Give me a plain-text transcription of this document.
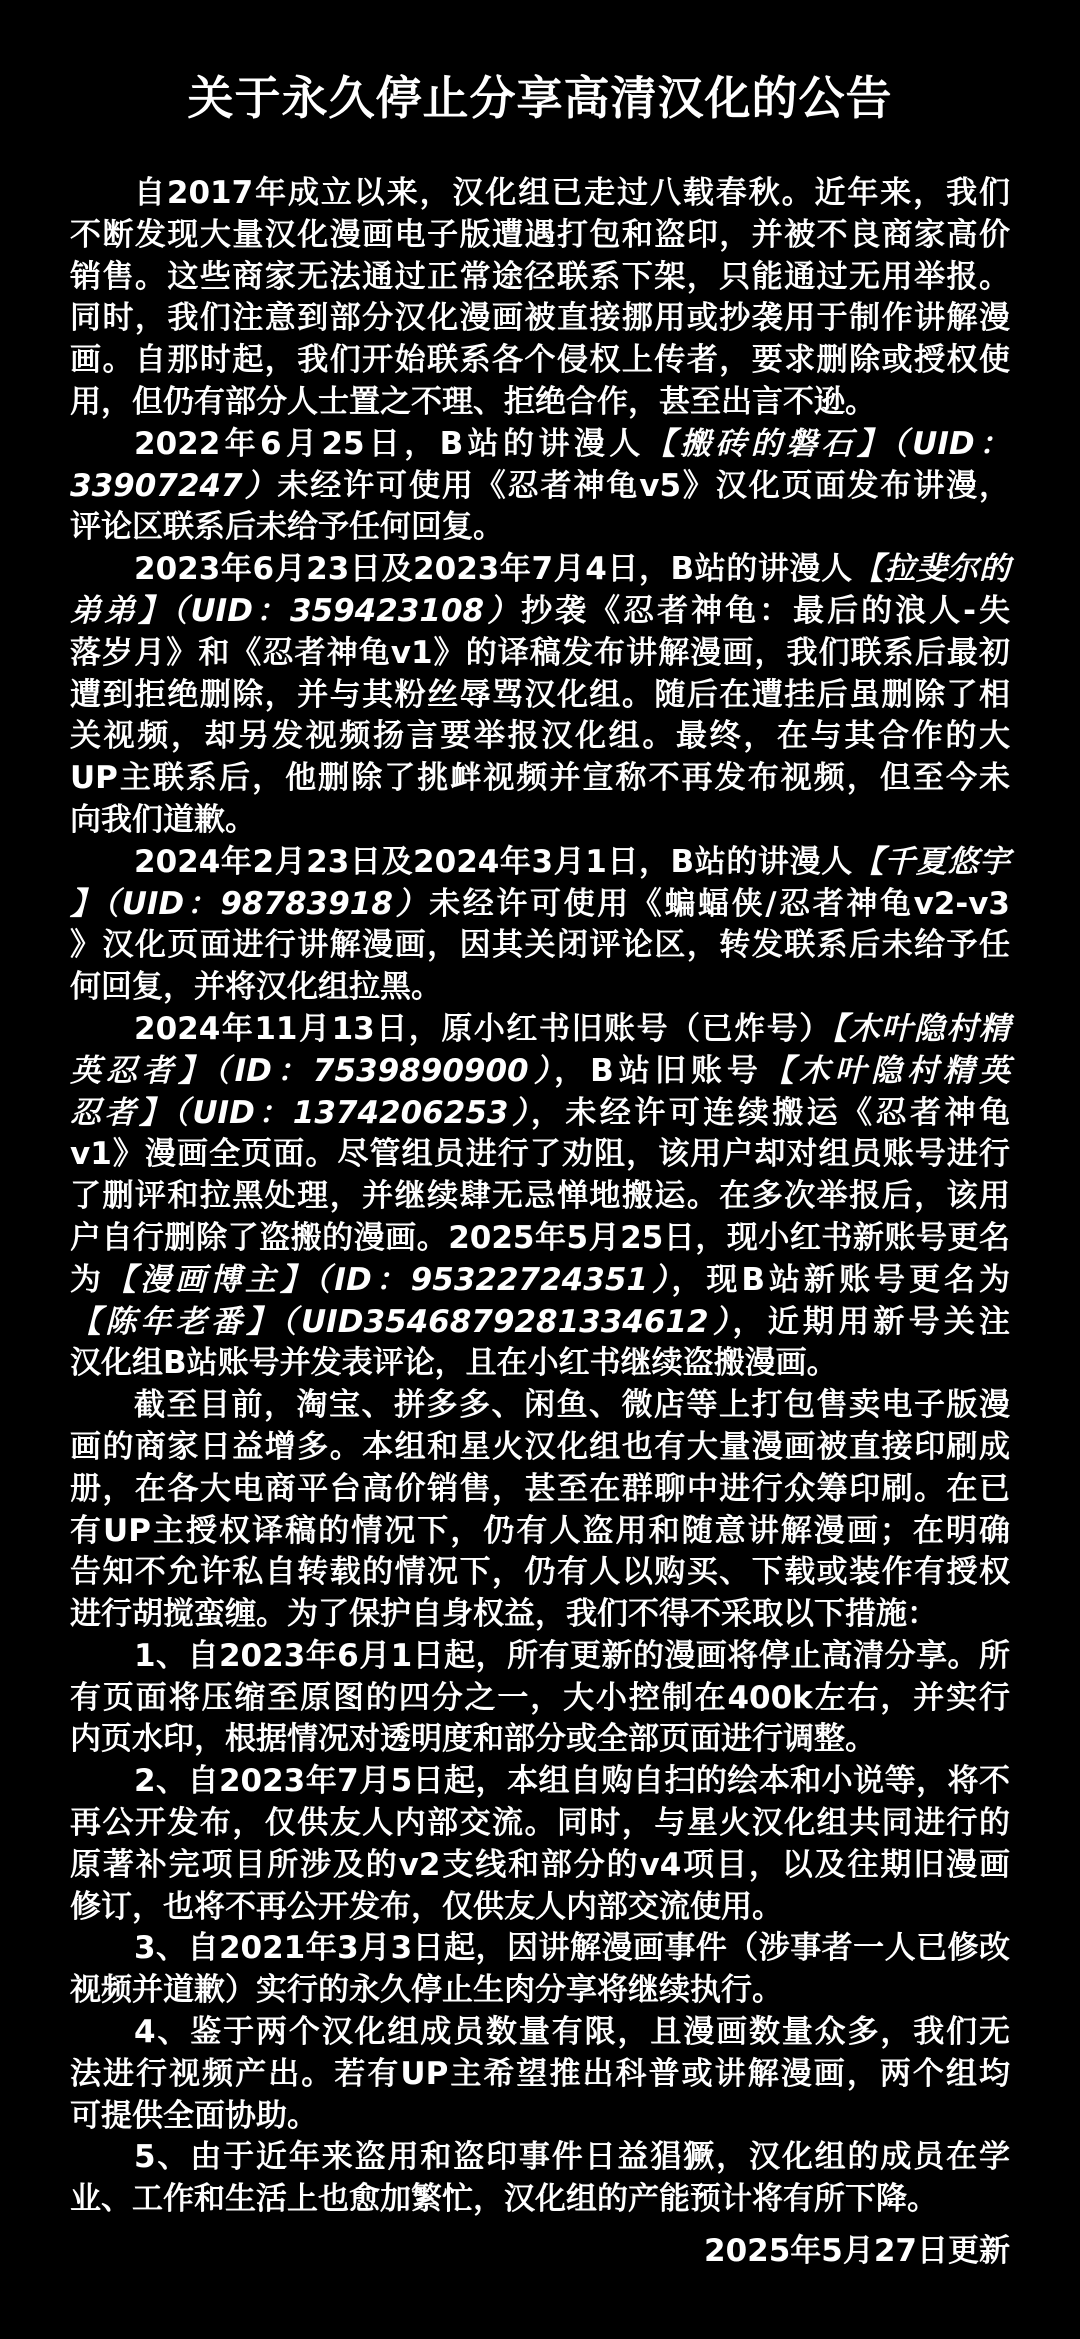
关于永久停止分享高清汉化的公告
自2017年成立以来，汉化组已走过八载春秋。近年来，我们
不断发现大量汉化漫画电子版遭遇打包和盗印，并被不良商家高价
销售。这些商家无法通过正常途径联系下架，只能通过无用举报。
同时，我们注意到部分汉化漫画被直接挪用或抄袭用于制作讲解漫
画。自那时起，我们开始联系各个侵权上传者，要求删除或授权使
用，但仍有部分人士置之不理、拒绝合作，甚至出言不逊。
2022年6月25日，B站的讲漫人【搬砖的磐石】（UID：
33907247）未经许可使用《忍者神龟v5》汉化页面发布讲漫，
评论区联系后未给予任何回复。
2023年6月23日及2023年7月4日，B站的讲漫人【拉斐尔的
弟弟】（UID：359423108）抄袭《忍者神龟：最后的浪人-失
落岁月》和《忍者神龟v1》的译稿发布讲解漫画，我们联系后最初
遭到拒绝删除，并与其粉丝辱骂汉化组。随后在遭挂后虽删除了相
关视频，却另发视频扬言要举报汉化组。最终，在与其合作的大
UP主联系后，他删除了挑衅视频并宣称不再发布视频，但至今未
向我们道歉。
2024年2月23日及2024年3月1日，B站的讲漫人【千夏悠宇
】（UID：98783918）未经许可使用《蝙蝠侠/忍者神龟v2-v3
》汉化页面进行讲解漫画，因其关闭评论区，转发联系后未给予任
何回复，并将汉化组拉黑。
2024年11月13日，原小红书旧账号（已炸号）【木叶隐村精
英忍者】（ID：7539890900），B站旧账号【木叶隐村精英
忍者】（UID：1374206253），未经许可连续搬运《忍者神龟
v1》漫画全页面。尽管组员进行了劝阻，该用户却对组员账号进行
了删评和拉黑处理，并继续肆无忌惮地搬运。在多次举报后，该用
户自行删除了盗搬的漫画。2025年5月25日，现小红书新账号更名
为【漫画博主】（ID：95322724351），现B站新账号更名为
【陈年老番】（UID3546879281334612），近期用新号关注
汉化组B站账号并发表评论，且在小红书继续盗搬漫画。
截至目前，淘宝、拼多多、闲鱼、微店等上打包售卖电子版漫
画的商家日益增多。本组和星火汉化组也有大量漫画被直接印刷成
册，在各大电商平台高价销售，甚至在群聊中进行众筹印刷。在已
有UP主授权译稿的情况下，仍有人盗用和随意讲解漫画；在明确
告知不允许私自转载的情况下，仍有人以购买、下载或装作有授权
进行胡搅蛮缠。为了保护自身权益，我们不得不采取以下措施：
1、自2023年6月1日起，所有更新的漫画将停止高清分享。所
有页面将压缩至原图的四分之一，大小控制在400k左右，并实行
内页水印，根据情况对透明度和部分或全部页面进行调整。
2、自2023年7月5日起，本组自购自扫的绘本和小说等，将不
再公开发布，仅供友人内部交流。同时，与星火汉化组共同进行的
原著补完项目所涉及的v2支线和部分的v4项目，以及往期旧漫画
修订，也将不再公开发布，仅供友人内部交流使用。
3、自2021年3月3日起，因讲解漫画事件（涉事者一人已修改
视频并道歉）实行的永久停止生肉分享将继续执行。
4、鉴于两个汉化组成员数量有限，且漫画数量众多，我们无
法进行视频产出。若有UP主希望推出科普或讲解漫画，两个组均
可提供全面协助。
5、由于近年来盗用和盗印事件日益猖獗，汉化组的成员在学
业、工作和生活上也愈加繁忙，汉化组的产能预计将有所下降。
2025年5月27日更新
